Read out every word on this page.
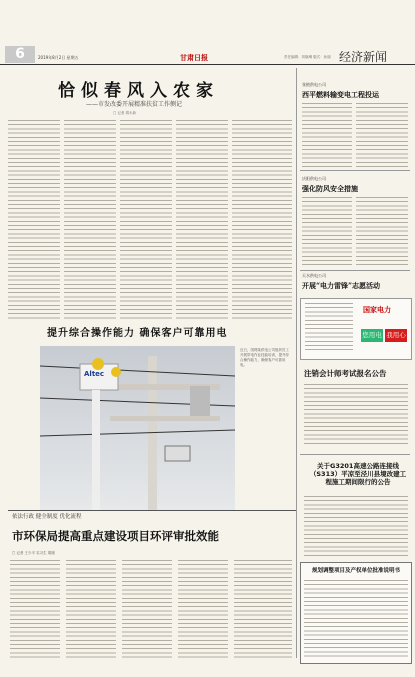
6	2019年8月2日 星期五	甘肃日报	责任编辑：刘晓琳 版式：孙丽 经济新闻
恰似春风入农家
——市发改委开展精准扶贫工作侧记
□ 记者 胡永新
提升综合操作能力 确保客户可靠用电
Altec
近日，国网某供电公司组织员工开展带电作业技能培训，提升综合操作能力，确保客户可靠用电。
张掖供电公司
西平燃料输变电工程投运
庆阳供电公司
强化防风安全措施
天水供电公司
开展“电力雷锋”志愿活动
国家电力
您用电 我用心
注销会计师考试报名公告
关于G3201高速公路连接线（S313）平凉至泾川县境改建工程施工期间限行的公告
规划调整项目及产权单位批准说明书
依法行政 健全制度 优化流程
市环保局提高重点建设项目环评审批效能
□ 记者 王少平 实习生 胡刚
